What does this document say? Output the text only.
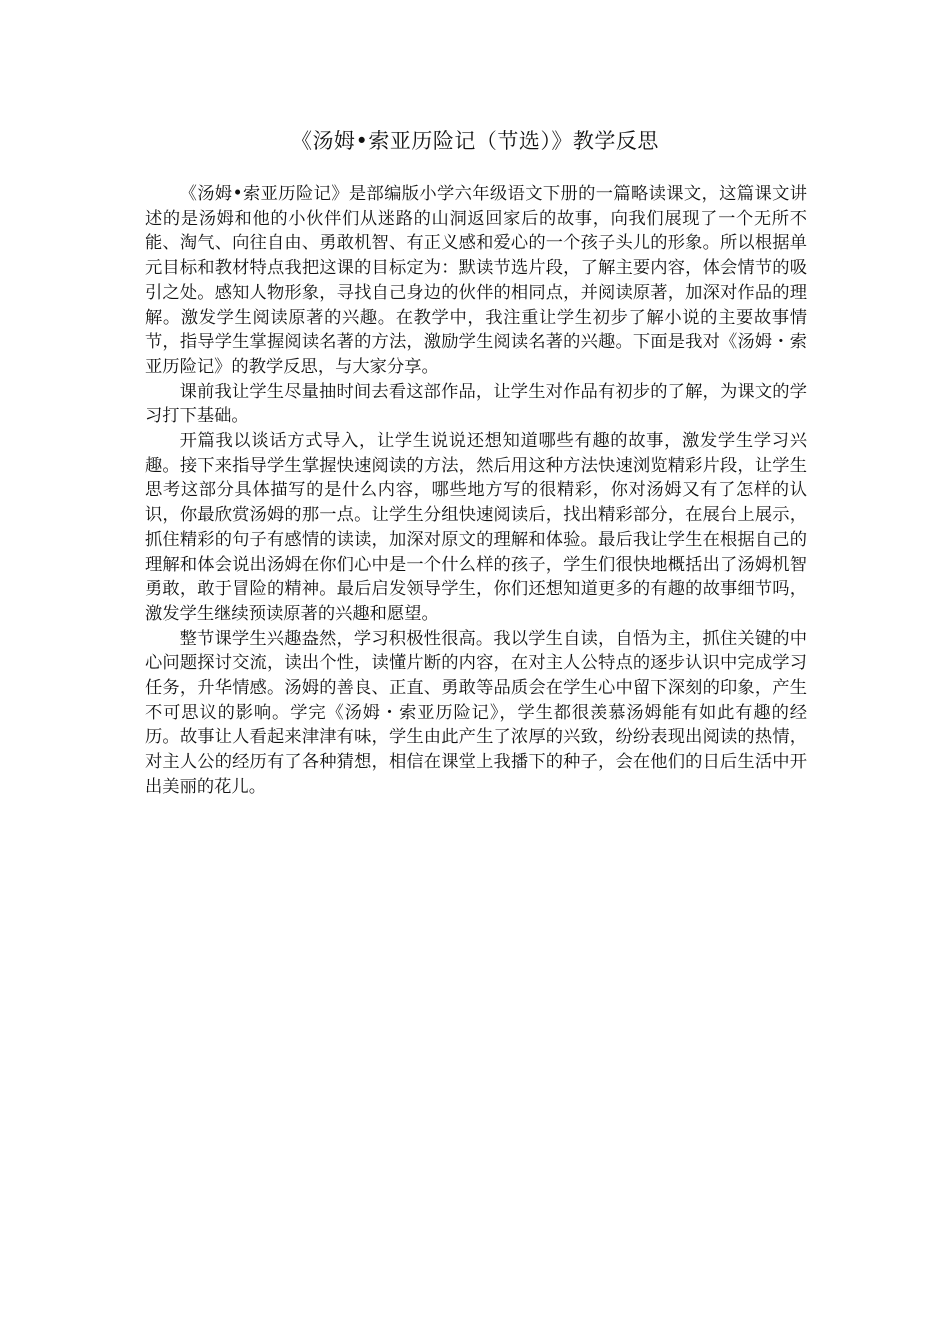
《汤姆•索亚历险记（节选）》教学反思

《汤姆•索亚历险记》是部编版小学六年级语文下册的一篇略读课文，这篇课文讲述的是汤姆和他的小伙伴们从迷路的山洞返回家后的故事，向我们展现了一个无所不能、淘气、向往自由、勇敢机智、有正义感和爱心的一个孩子头儿的形象。所以根据单元目标和教材特点我把这课的目标定为：默读节选片段，了解主要内容，体会情节的吸引之处。感知人物形象，寻找自己身边的伙伴的相同点，并阅读原著，加深对作品的理解。激发学生阅读原著的兴趣。在教学中，我注重让学生初步了解小说的主要故事情节，指导学生掌握阅读名著的方法，激励学生阅读名著的兴趣。下面是我对《汤姆・索亚历险记》的教学反思，与大家分享。

课前我让学生尽量抽时间去看这部作品，让学生对作品有初步的了解，为课文的学习打下基础。

开篇我以谈话方式导入，让学生说说还想知道哪些有趣的故事，激发学生学习兴趣。接下来指导学生掌握快速阅读的方法，然后用这种方法快速浏览精彩片段，让学生思考这部分具体描写的是什么内容，哪些地方写的很精彩，你对汤姆又有了怎样的认识，你最欣赏汤姆的那一点。让学生分组快速阅读后，找出精彩部分，在展台上展示，抓住精彩的句子有感情的读读，加深对原文的理解和体验。最后我让学生在根据自己的理解和体会说出汤姆在你们心中是一个什么样的孩子，学生们很快地概括出了汤姆机智勇敢，敢于冒险的精神。最后启发领导学生，你们还想知道更多的有趣的故事细节吗，激发学生继续预读原著的兴趣和愿望。

整节课学生兴趣盎然，学习积极性很高。我以学生自读，自悟为主，抓住关键的中心问题探讨交流，读出个性，读懂片断的内容，在对主人公特点的逐步认识中完成学习任务，升华情感。汤姆的善良、正直、勇敢等品质会在学生心中留下深刻的印象，产生不可思议的影响。学完《汤姆・索亚历险记》，学生都很羡慕汤姆能有如此有趣的经历。故事让人看起来津津有味，学生由此产生了浓厚的兴致，纷纷表现出阅读的热情，对主人公的经历有了各种猜想，相信在课堂上我播下的种子，会在他们的日后生活中开出美丽的花儿。
